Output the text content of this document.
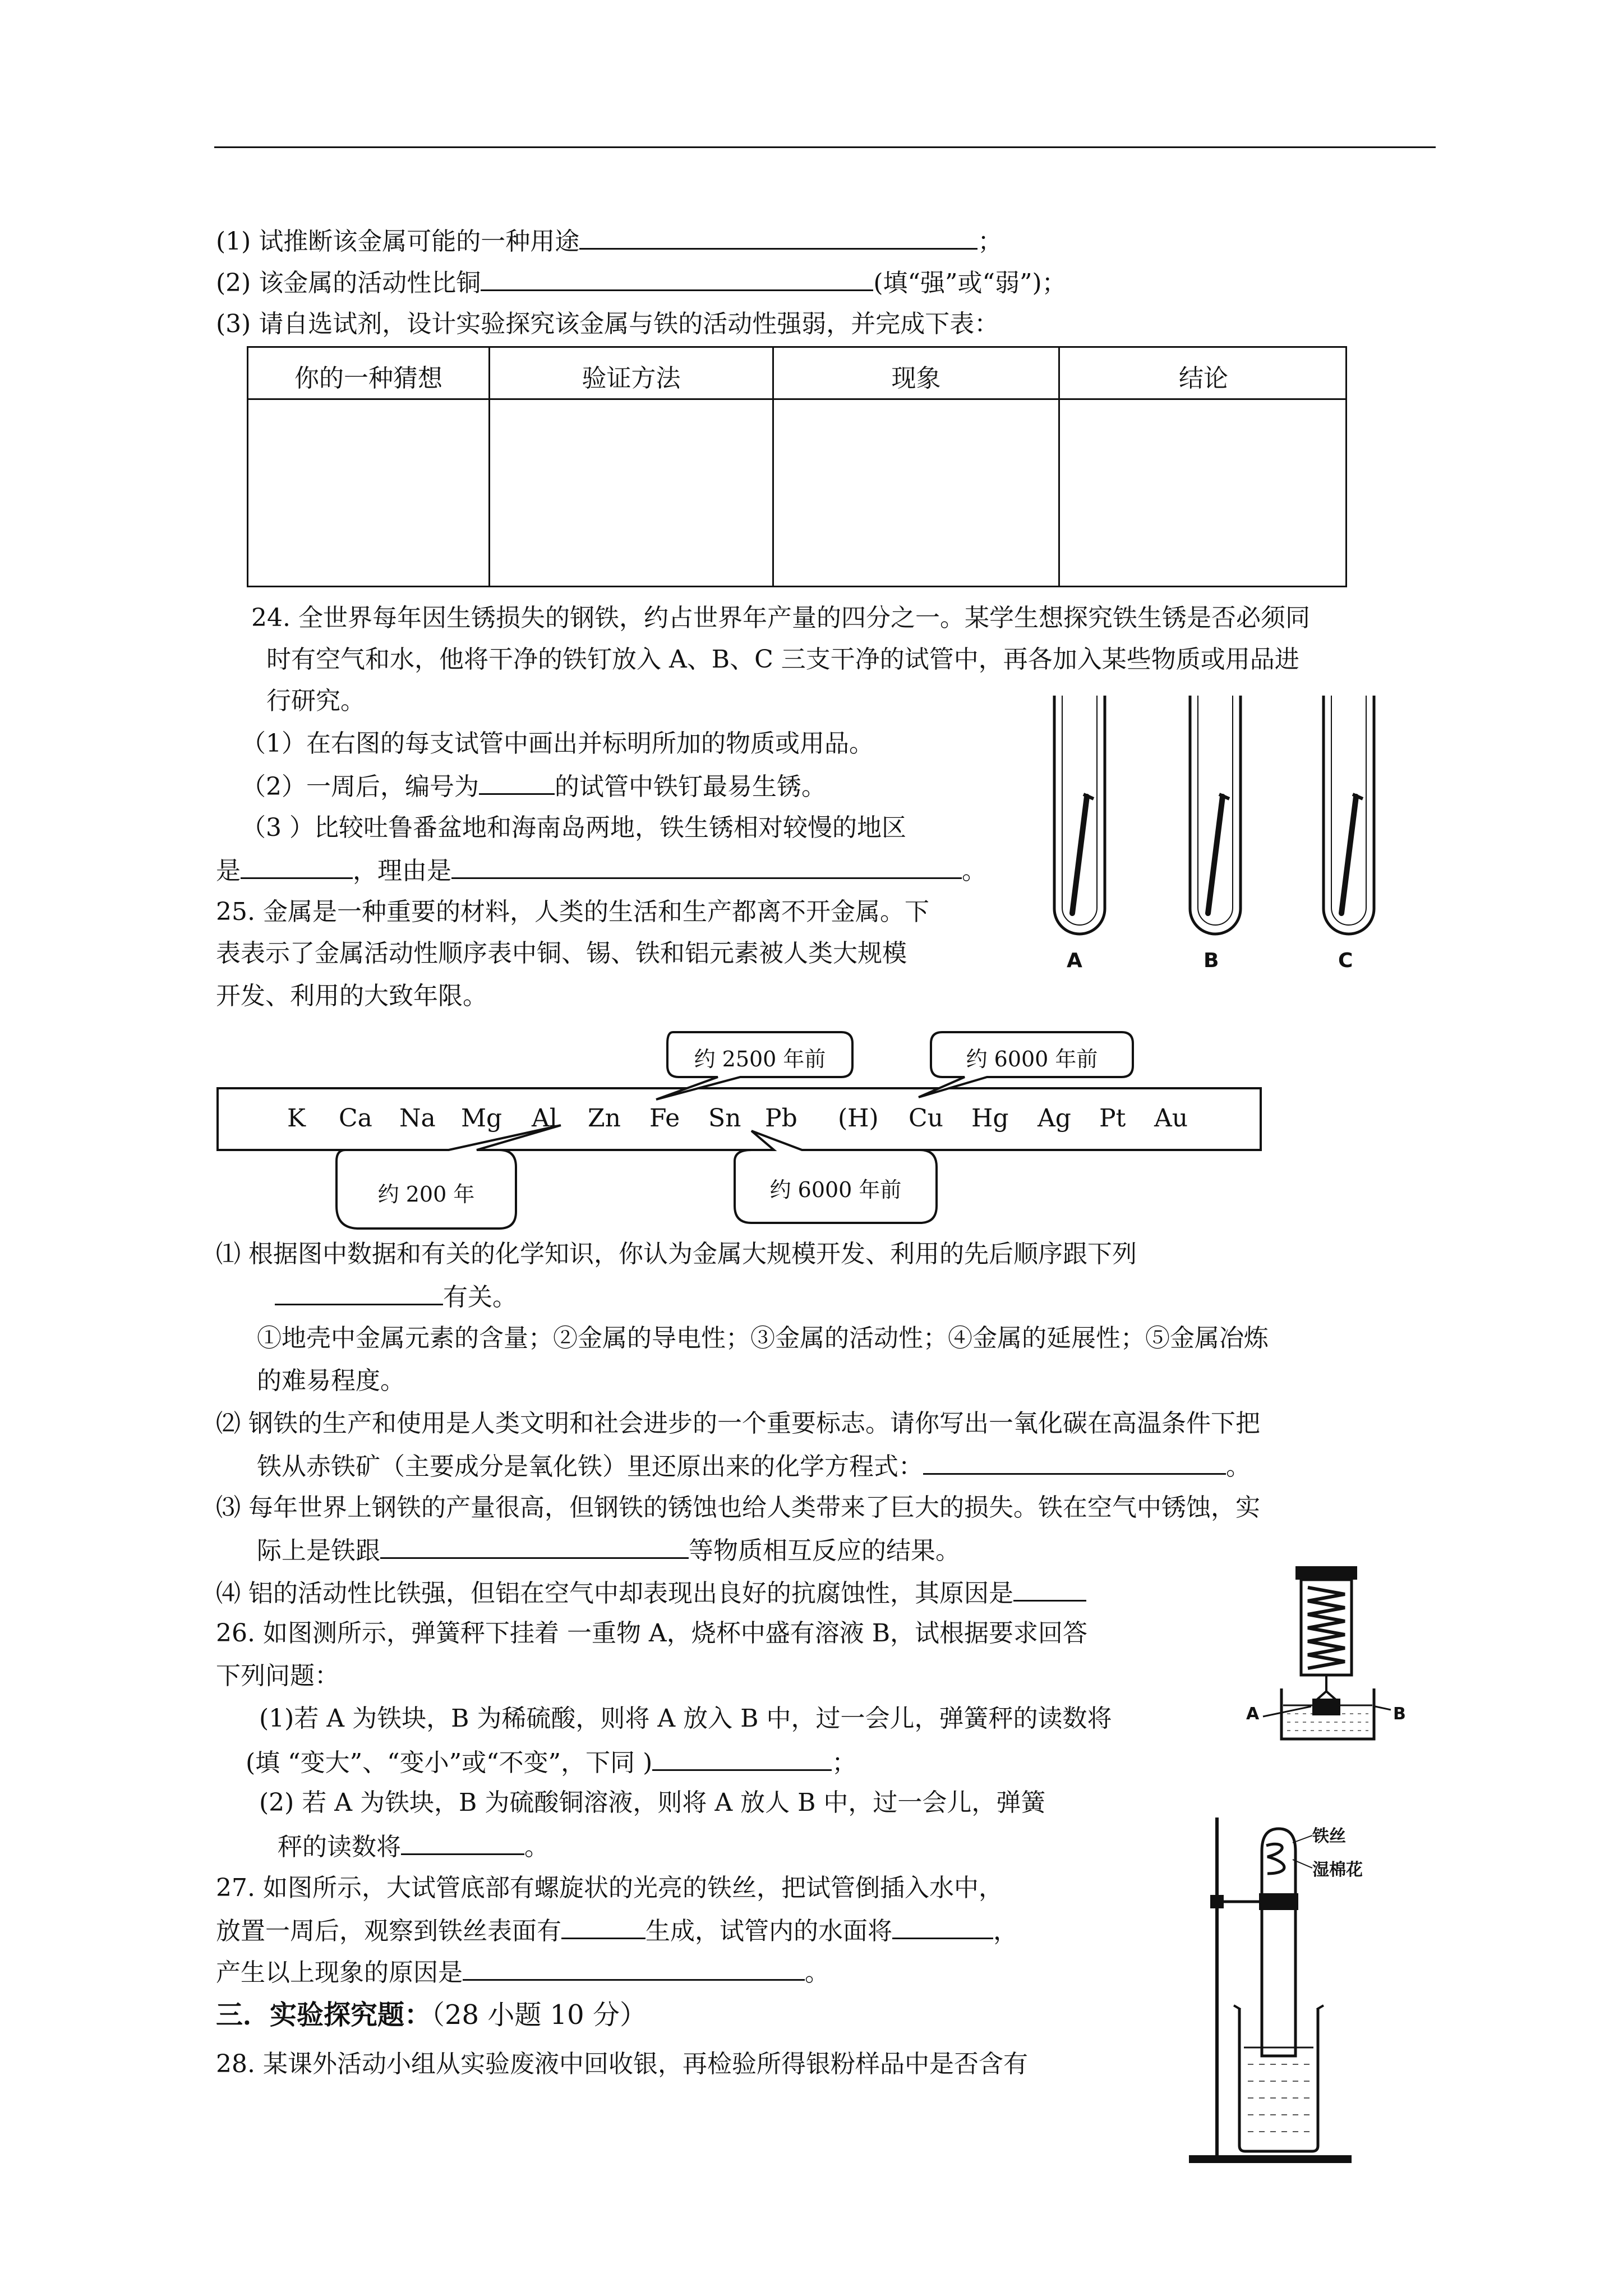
(1) 试推断该金属可能的一种用途	；
(2) 该金属的活动性比铜	(填“强”或“弱”)；
(3) 请自选试剂，设计实验探究该金属与铁的活动性强弱，并完成下表：
你的一种猜想	验证方法	现象	结论
24. 全世界每年因生锈损失的钢铁，约占世界年产量的四分之一。某学生想探究铁生锈是否必须同
时有空气和水，他将干净的铁钉放入 A、B、C 三支干净的试管中，再各加入某些物质或用品进
行研究。
（1）在右图的每支试管中画出并标明所加的物质或用品。
（2）一周后，编号为	的试管中铁钉最易生锈。
（3 ）比较吐鲁番盆地和海南岛两地，铁生锈相对较慢的地区
是	，理由是	。
A	B	C
25. 金属是一种重要的材料，人类的生活和生产都离不开金属。下
表表示了金属活动性顺序表中铜、锡、铁和铝元素被人类大规模
开发、利用的大致年限。
约 2500 年前	约 6000 年前
约 200 年	约 6000 年前
K Ca Na Mg Al Zn Fe Sn Pb (H) Cu Hg Ag Pt Au
⑴ 根据图中数据和有关的化学知识，你认为金属大规模开发、利用的先后顺序跟下列
有关。
①地壳中金属元素的含量；②金属的导电性；③金属的活动性；④金属的延展性；⑤金属冶炼
的难易程度。
⑵ 钢铁的生产和使用是人类文明和社会进步的一个重要标志。请你写出一氧化碳在高温条件下把
铁从赤铁矿（主要成分是氧化铁）里还原出来的化学方程式：	。
⑶ 每年世界上钢铁的产量很高，但钢铁的锈蚀也给人类带来了巨大的损失。铁在空气中锈蚀，实
际上是铁跟	等物质相互反应的结果。
⑷ 铝的活动性比铁强，但铝在空气中却表现出良好的抗腐蚀性，其原因是
A	B
26. 如图测所示，弹簧秤下挂着 一重物 A，烧杯中盛有溶液 B，试根据要求回答
下列问题：
(1)若 A 为铁块，B 为稀硫酸，则将 A 放入 B 中，过一会儿，弹簧秤的读数将
(填 “变大”、“变小”或“不变”，下同 )	；
(2) 若 A 为铁块，B 为硫酸铜溶液，则将 A 放人 B 中，过一会儿，弹簧
秤的读数将	。	铁丝
湿棉花
27. 如图所示，大试管底部有螺旋状的光亮的铁丝，把试管倒插入水中，
放置一周后，观察到铁丝表面有	生成，试管内的水面将	，
产生以上现象的原因是	。
三．实验探究题：（28 小题 10 分）
28. 某课外活动小组从实验废液中回收银，再检验所得银粉样品中是否含有
